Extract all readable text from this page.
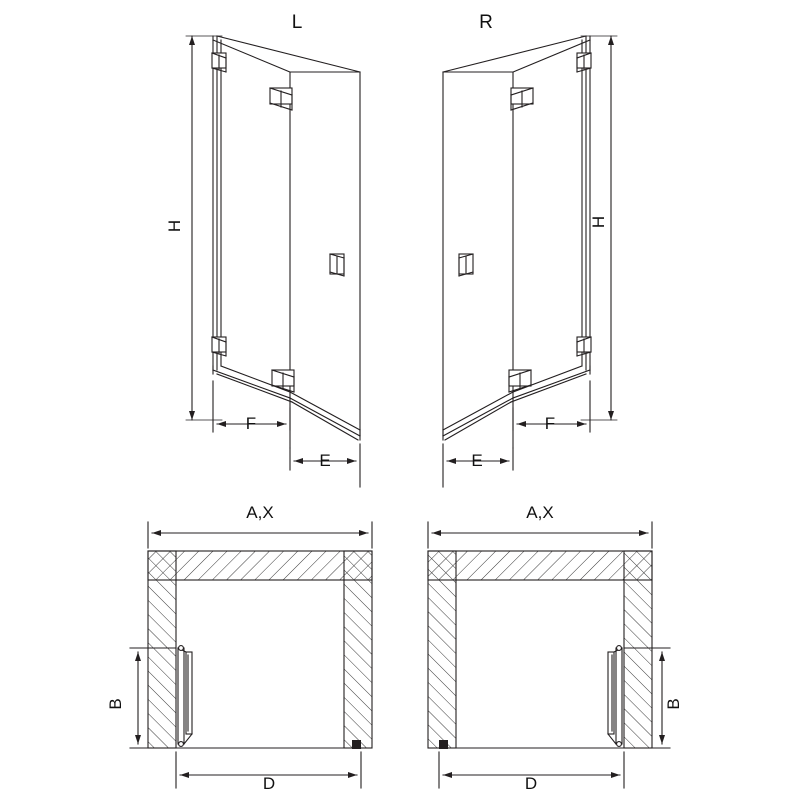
L	R
H	H
F
E	E
F
A,X	A,X
B	B
D	D
